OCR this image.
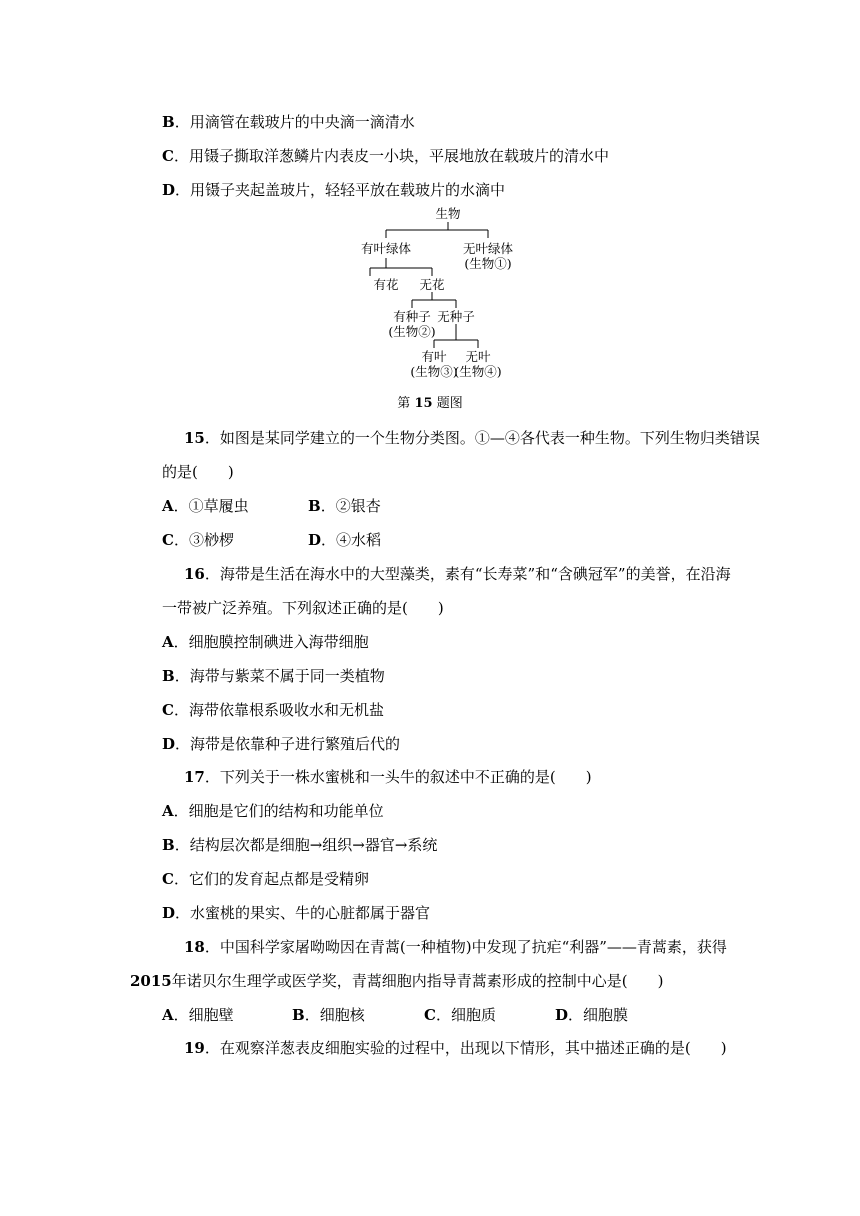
B．用滴管在载玻片的中央滴一滴清水
C．用镊子撕取洋葱鳞片内表皮一小块，平展地放在载玻片的清水中
D．用镊子夹起盖玻片，轻轻平放在载玻片的水滴中
生物
有叶绿体	无叶绿体
(生物①)
有花 无花
有种子
(生物②)
无种子
有叶
(生物③)
无叶
(生物④)
第 15 题图
15．如图是某同学建立的一个生物分类图。①—④各代表一种生物。下列生物归类错误
的是(　　)
A．①草履虫	B．②银杏
C．③桫椤	D．④水稻
16．海带是生活在海水中的大型藻类，素有“长寿菜”和“含碘冠军”的美誉，在沿海
一带被广泛养殖。下列叙述正确的是(　　)
A．细胞膜控制碘进入海带细胞
B．海带与紫菜不属于同一类植物
C．海带依靠根系吸收水和无机盐
D．海带是依靠种子进行繁殖后代的
17．下列关于一株水蜜桃和一头牛的叙述中不正确的是(　　)
A．细胞是它们的结构和功能单位
B．结构层次都是细胞→组织→器官→系统
C．它们的发育起点都是受精卵
D．水蜜桃的果实、牛的心脏都属于器官
18．中国科学家屠呦呦因在青蒿(一种植物)中发现了抗疟“利器”——青蒿素，获得
2015年诺贝尔生理学或医学奖，青蒿细胞内指导青蒿素形成的控制中心是(　　)
A．细胞壁	B．细胞核	C．细胞质	D．细胞膜
19．在观察洋葱表皮细胞实验的过程中，出现以下情形，其中描述正确的是(　　)
